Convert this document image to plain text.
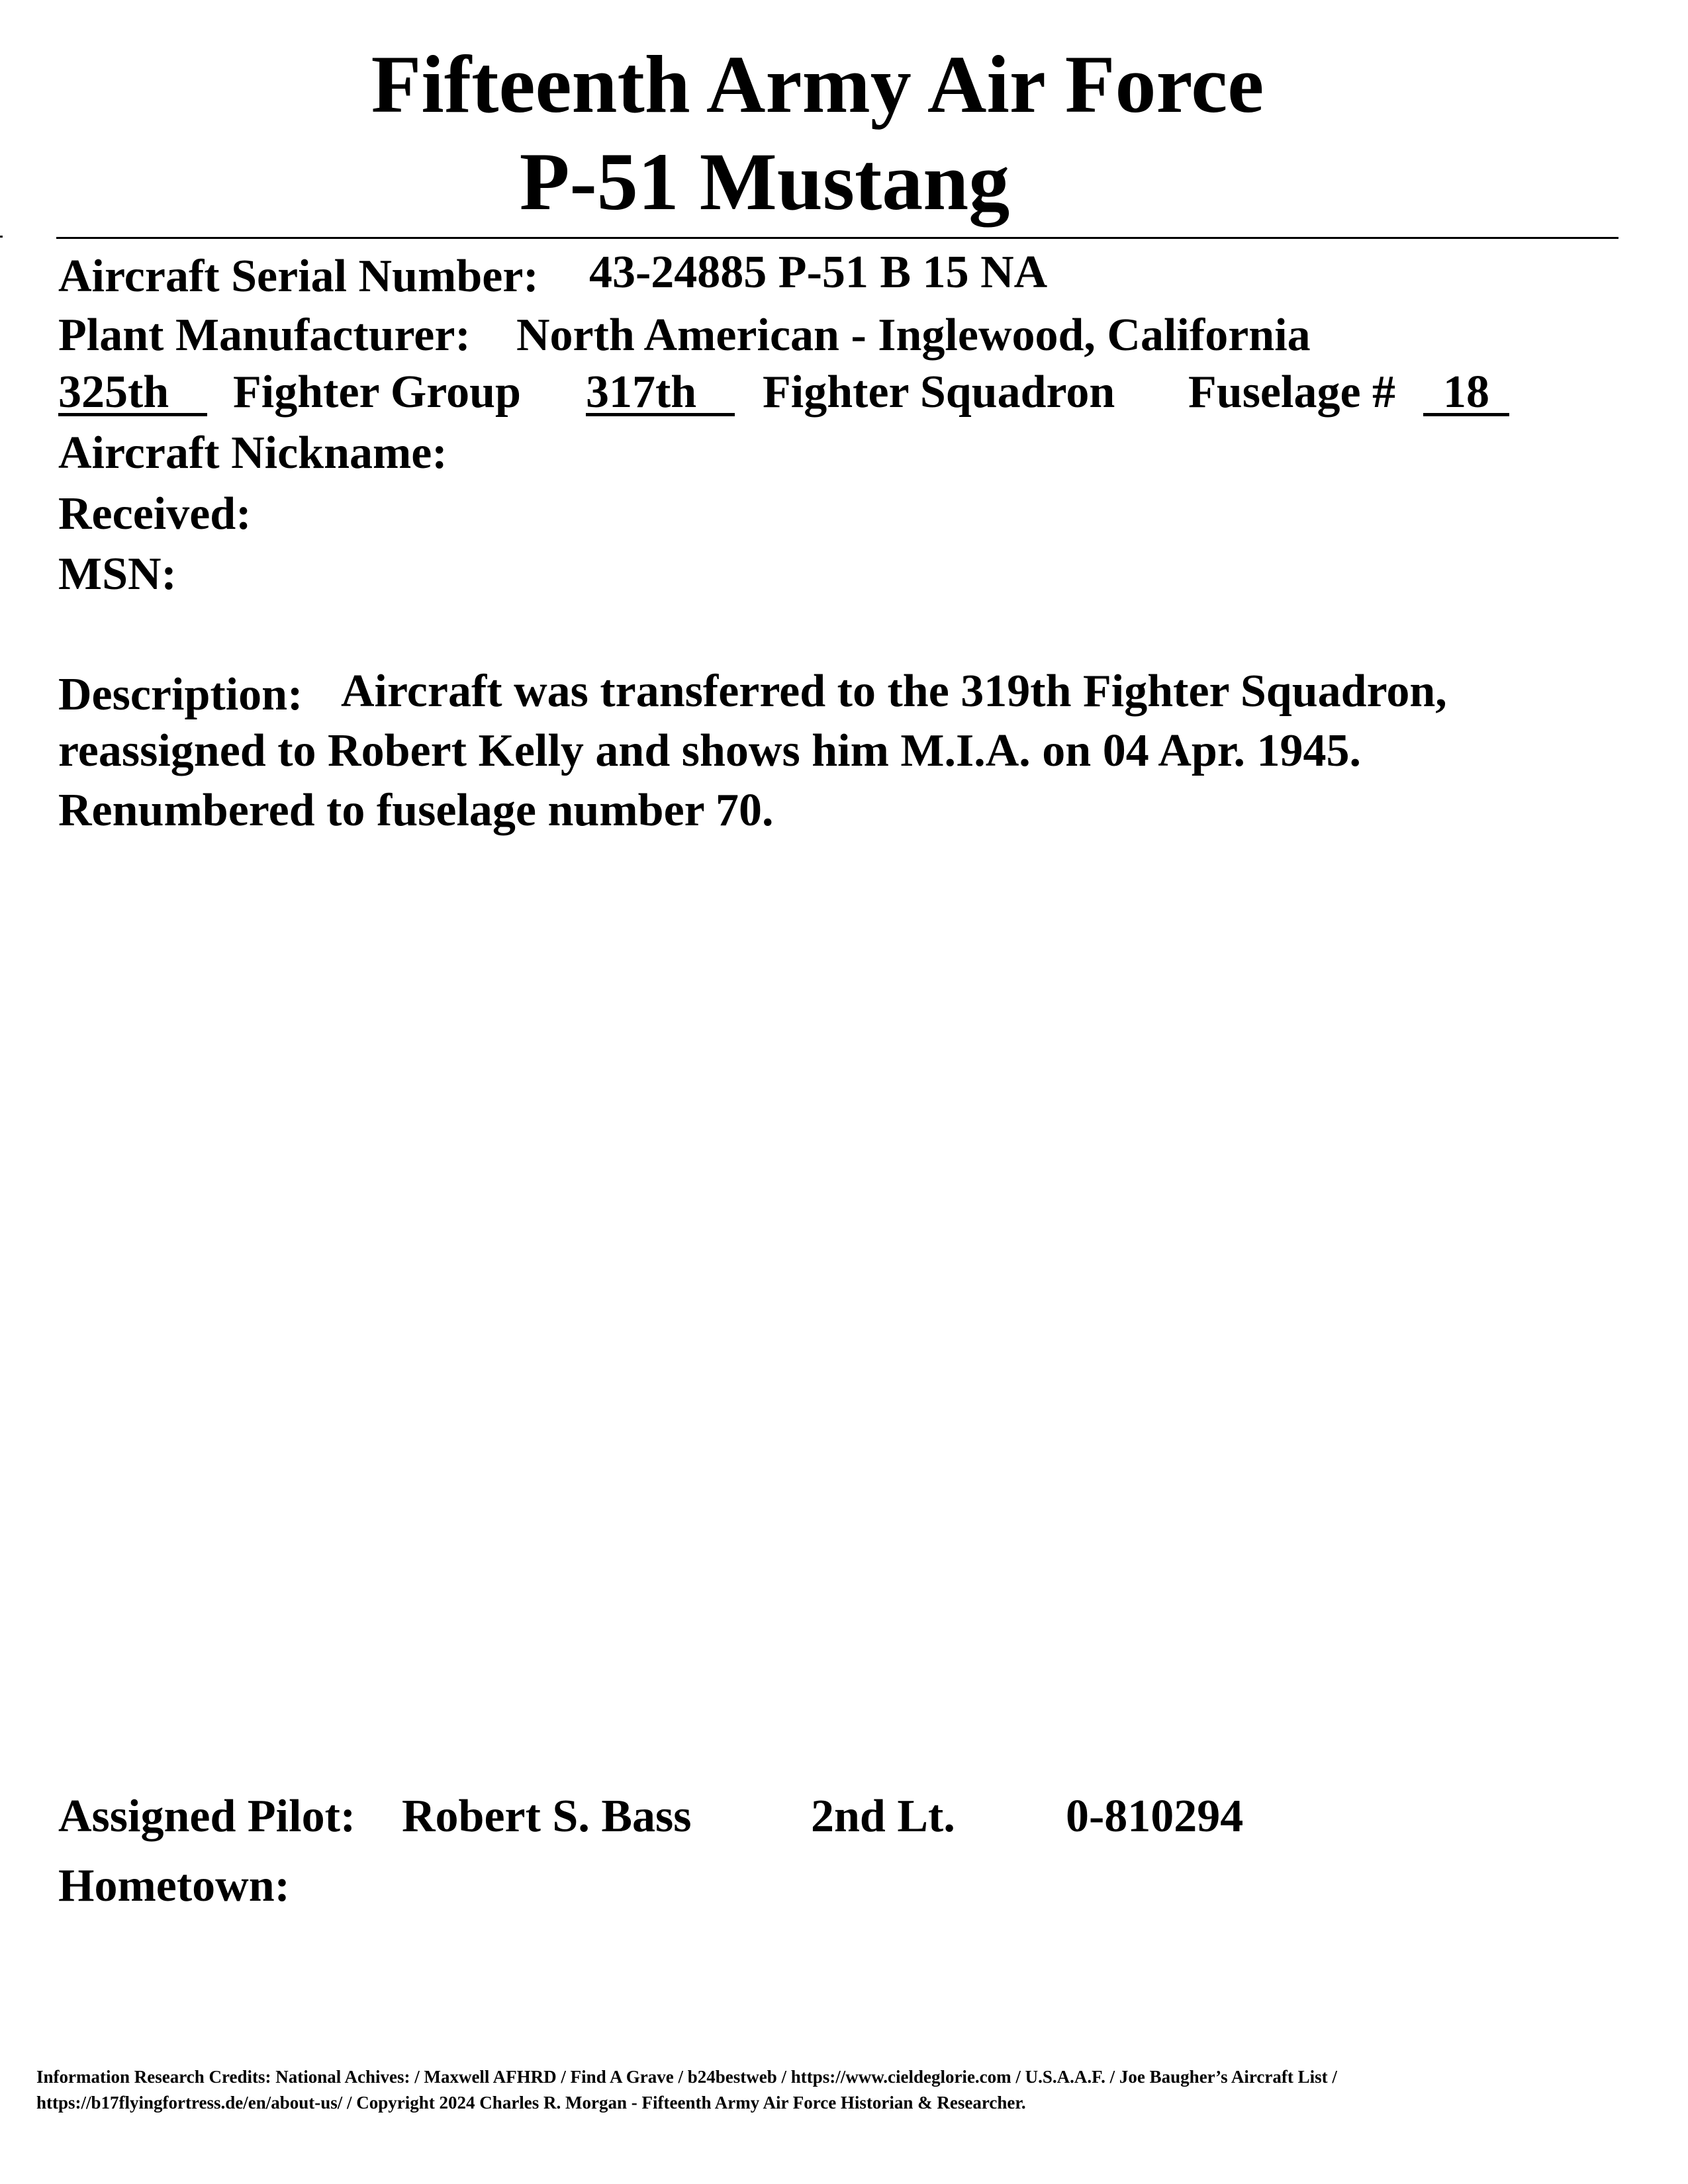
Fifteenth Army Air Force
P-51 Mustang
Aircraft Serial Number: 43-24885 P-51 B 15 NA
Plant Manufacturer: North American - Inglewood, California
325th	Fighter Group 317th	Fighter Squadron Fuselage #	18
Aircraft Nickname:
Received:
MSN:
Description: Aircraft was transferred to the 319th Fighter Squadron,
reassigned to Robert Kelly and shows him M.I.A. on 04 Apr. 1945.
Renumbered to fuselage number 70.
Assigned Pilot: Robert S. Bass	2nd Lt. 0-810294
Hometown:
Information Research Credits: National Achives: / Maxwell AFHRD / Find A Grave / b24bestweb / https://www.cieldeglorie.com / U.S.A.A.F. / Joe Baugher’s Aircraft List /
https://b17flyingfortress.de/en/about-us/ / Copyright 2024 Charles R. Morgan - Fifteenth Army Air Force Historian & Researcher.
